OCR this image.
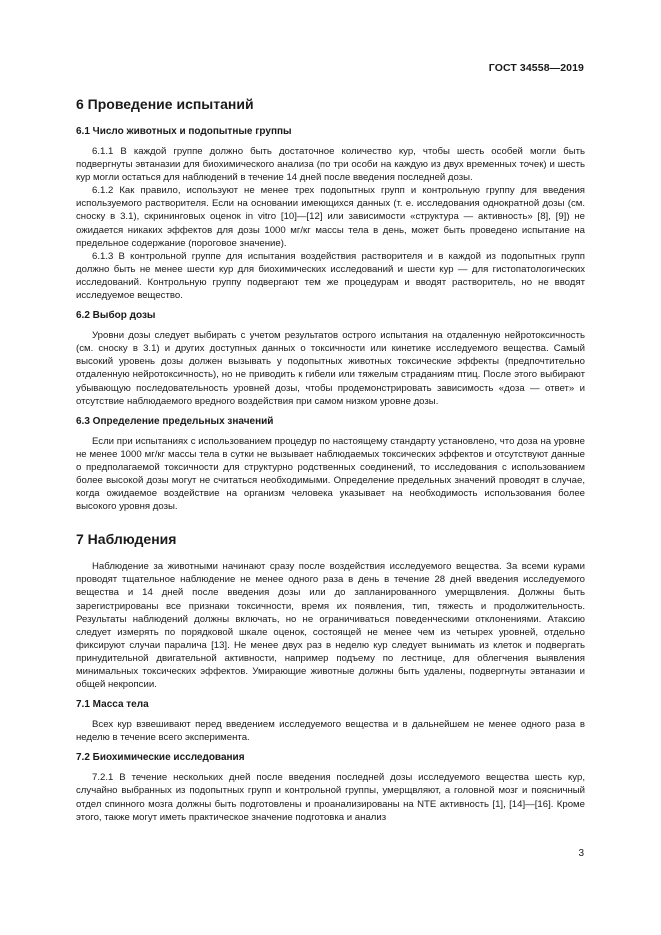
ГОСТ 34558—2019
6 Проведение испытаний
6.1 Число животных и подопытные группы

6.1.1 В каждой группе должно быть достаточное количество кур, чтобы шесть особей могли быть подвергнуты эвтаназии для биохимического анализа (по три особи на каждую из двух временных точек) и шесть кур могли остаться для наблюдений в течение 14 дней после введения последней дозы.

6.1.2 Как правило, используют не менее трех подопытных групп и контрольную группу для введения используемого растворителя. Если на основании имеющихся данных (т. е. исследования однократной дозы (см. сноску в 3.1), скрининговых оценок in vitro [10]—[12] или зависимости «структура — активность» [8], [9]) не ожидается никаких эффектов для дозы 1000 мг/кг массы тела в день, может быть проведено испытание на предельное содержание (пороговое значение).

6.1.3 В контрольной группе для испытания воздействия растворителя и в каждой из подопытных групп должно быть не менее шести кур для биохимических исследований и шести кур — для гистопатологических исследований. Контрольную группу подвергают тем же процедурам и вводят растворитель, но не вводят исследуемое вещество.

6.2 Выбор дозы

Уровни дозы следует выбирать с учетом результатов острого испытания на отдаленную нейротоксичность (см. сноску в 3.1) и других доступных данных о токсичности или кинетике исследуемого вещества. Самый высокий уровень дозы должен вызывать у подопытных животных токсические эффекты (предпочтительно отдаленную нейротоксичность), но не приводить к гибели или тяжелым страданиям птиц. После этого выбирают убывающую последовательность уровней дозы, чтобы продемонстрировать зависимость «доза — ответ» и отсутствие наблюдаемого вредного воздействия при самом низком уровне дозы.

6.3 Определение предельных значений

Если при испытаниях с использованием процедур по настоящему стандарту установлено, что доза на уровне не менее 1000 мг/кг массы тела в сутки не вызывает наблюдаемых токсических эффектов и отсутствуют данные о предполагаемой токсичности для структурно родственных соединений, то исследования с использованием более высокой дозы могут не считаться необходимыми. Определение предельных значений проводят в случае, когда ожидаемое воздействие на организм человека указывает на необходимость использования более высокого уровня дозы.

7 Наблюдения

Наблюдение за животными начинают сразу после воздействия исследуемого вещества. За всеми курами проводят тщательное наблюдение не менее одного раза в день в течение 28 дней введения исследуемого вещества и 14 дней после введения дозы или до запланированного умерщвления. Должны быть зарегистрированы все признаки токсичности, время их появления, тип, тяжесть и продолжительность. Результаты наблюдений должны включать, но не ограничиваться поведенческими отклонениями. Атаксию следует измерять по порядковой шкале оценок, состоящей не менее чем из четырех уровней, отдельно фиксируют случаи паралича [13]. Не менее двух раз в неделю кур следует вынимать из клеток и подвергать принудительной двигательной активности, например подъему по лестнице, для облегчения выявления минимальных токсических эффектов. Умирающие животные должны быть удалены, подвергнуты эвтаназии и общей некропсии.

7.1 Масса тела

Всех кур взвешивают перед введением исследуемого вещества и в дальнейшем не менее одного раза в неделю в течение всего эксперимента.

7.2 Биохимические исследования

7.2.1 В течение нескольких дней после введения последней дозы исследуемого вещества шесть кур, случайно выбранных из подопытных групп и контрольной группы, умерщвляют, а головной мозг и поясничный отдел спинного мозга должны быть подготовлены и проанализированы на NTE активность [1], [14]—[16]. Кроме этого, также могут иметь практическое значение подготовка и анализ

3
